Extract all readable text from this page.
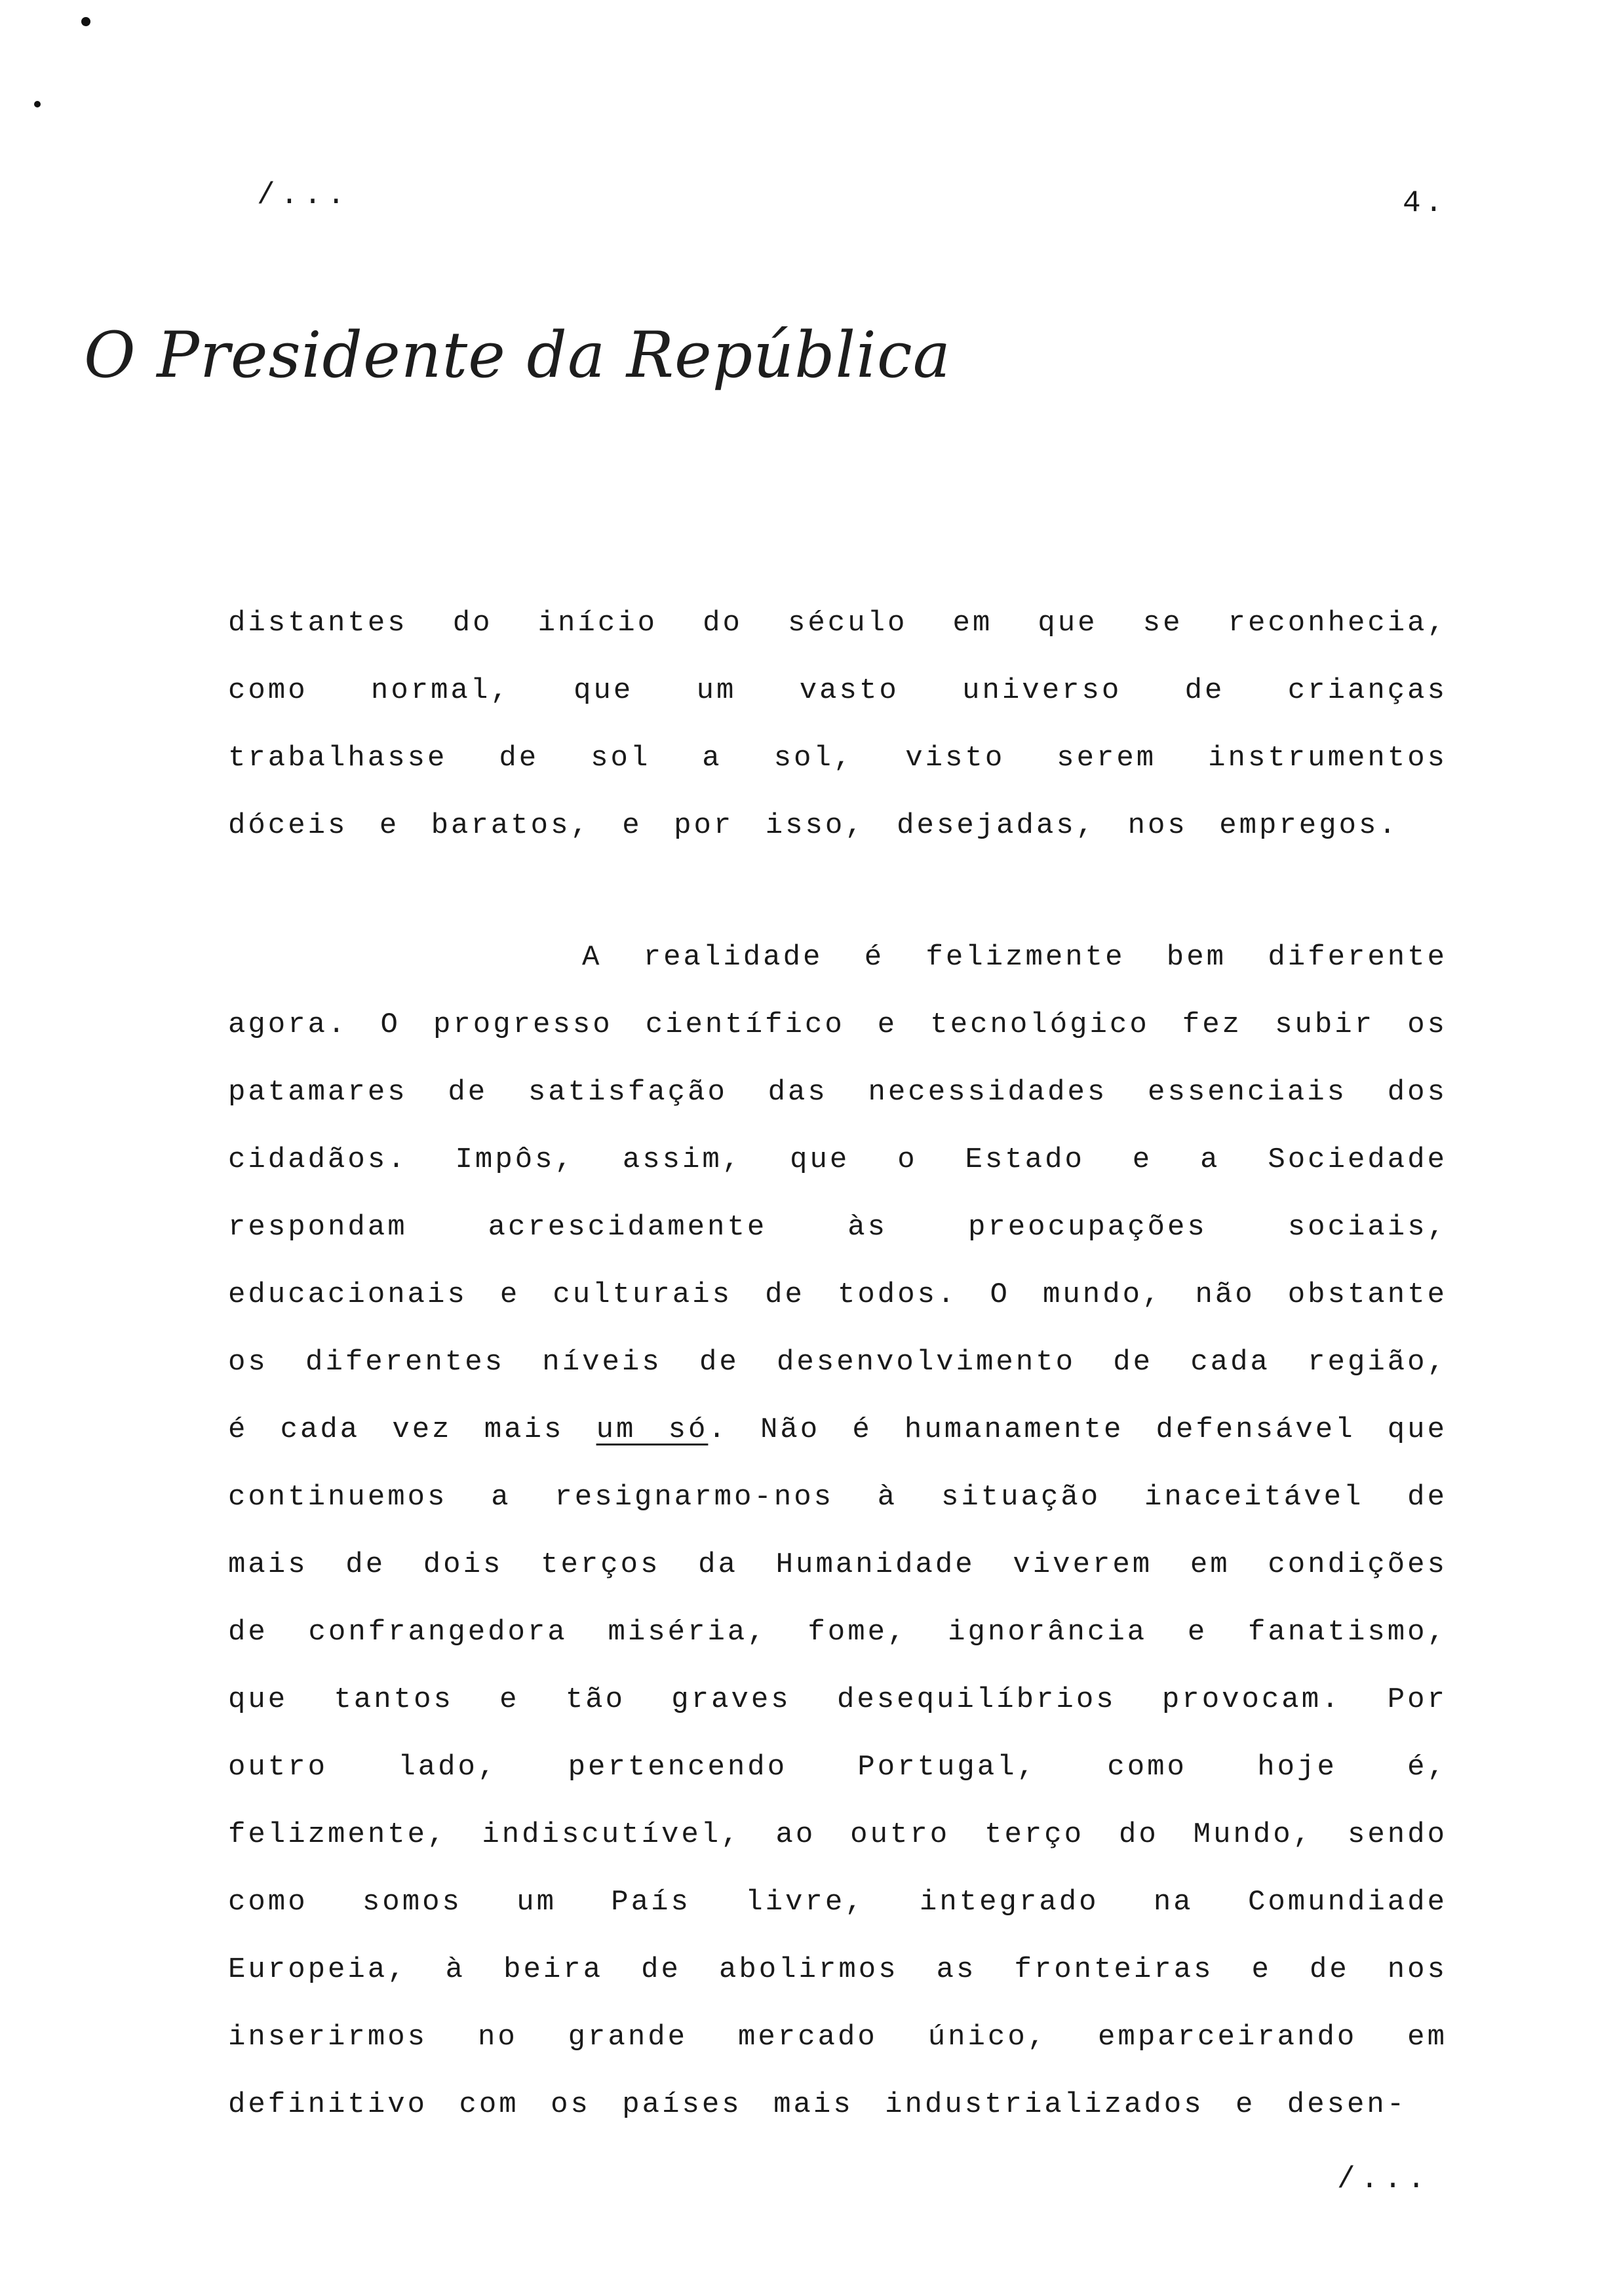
/...	4.
O Presidente da República

distantes do início do século em que se reconhecia, como normal, que um vasto universo de crianças trabalhasse de sol a sol, visto serem instrumentos dóceis e baratos, e por isso, desejadas, nos empregos.

A realidade é felizmente bem diferente agora. O progresso científico e tecnológico fez subir os patamares de satisfação das necessidades essenciais dos cidadãos. Impôs, assim, que o Estado e a Sociedade respondam acrescidamente às preocupações sociais, educacionais e culturais de todos. O mundo, não obstante os diferentes níveis de desenvolvimento de cada região, é cada vez mais um só. Não é humanamente defensável que continuemos a resignarmo-nos à situação inaceitável de mais de dois terços da Humanidade viverem em condições de confrangedora miséria, fome, ignorância e fanatismo, que tantos e tão graves desequilíbrios provocam. Por outro lado, pertencendo Portugal, como hoje é, felizmente, indiscutível, ao outro terço do Mundo, sendo como somos um País livre, integrado na Comundiade Europeia, à beira de abolirmos as fronteiras e de nos inserirmos no grande mercado único, emparceirando em definitivo com os países mais industrializados e desen-

/...
